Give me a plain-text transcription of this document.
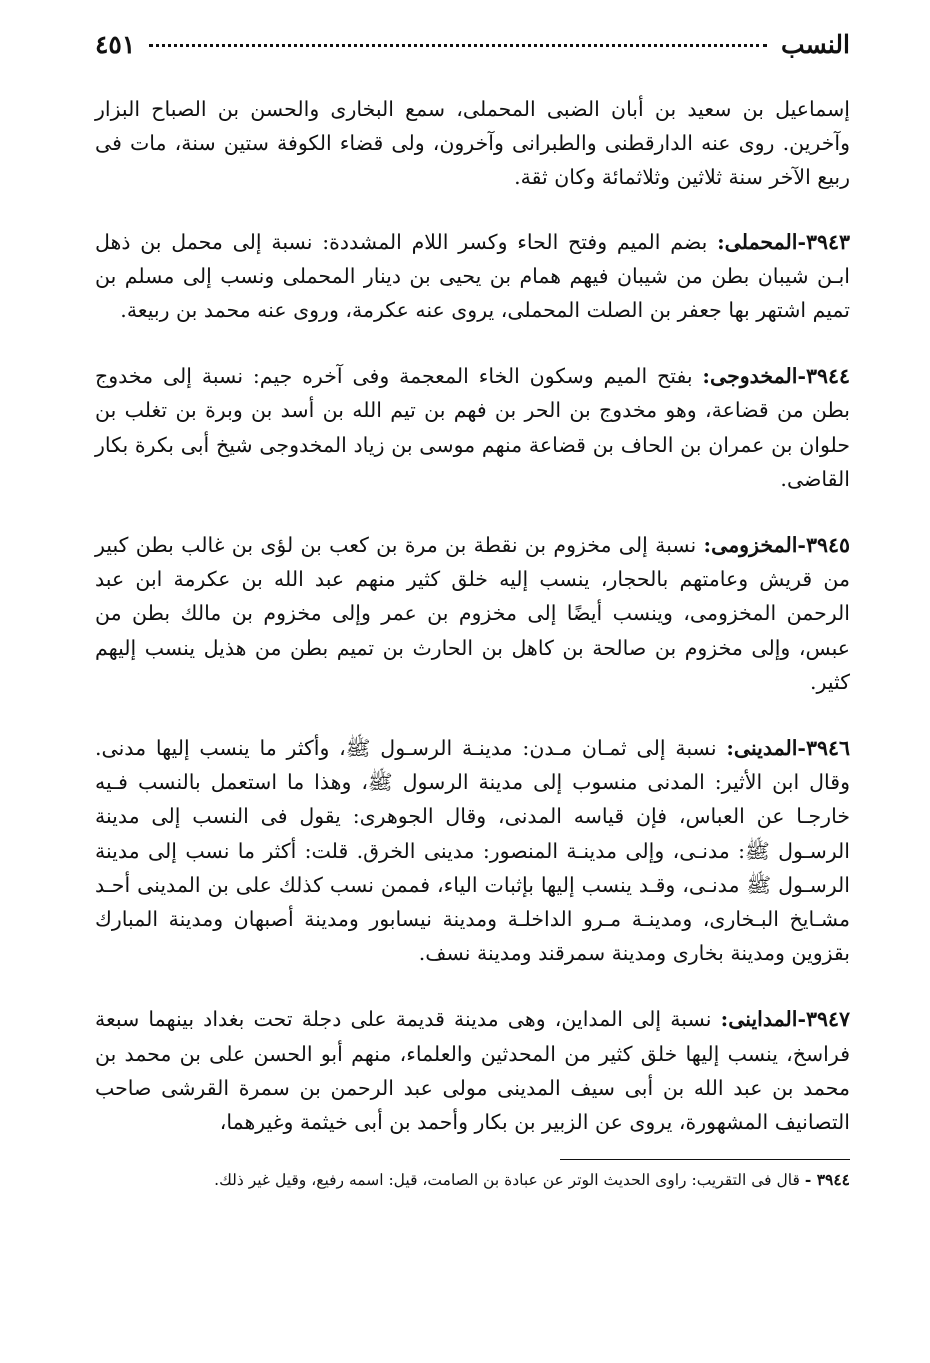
النسب
٤٥١

إسماعيل بن سعيد بن أبان الضبى المحملى، سمع البخارى والحسن بن الصباح البزار وآخرين. روى عنه الدارقطنى والطبرانى وآخرون، ولى قضاء الكوفة ستين سنة، مات فى ربيع الآخر سنة ثلاثين وثلاثمائة وكان ثقة.

٣٩٤٣-المحملى: بضم الميم وفتح الحاء وكسر اللام المشددة: نسبة إلى محمل بن ذهل ابـن شيبان بطن من شيبان فيهم همام بن يحيى بن دينار المحملى ونسب إلى مسلم بن تميم اشتهر بها جعفر بن الصلت المحملى، يروى عنه عكرمة، وروى عنه محمد بن ربيعة.

٣٩٤٤-المخدوجى: بفتح الميم وسكون الخاء المعجمة وفى آخره جيم: نسبة إلى مخدوج بطن من قضاعة، وهو مخدوج بن الحر بن فهم بن تيم الله بن أسد بن وبرة بن تغلب بن حلوان بن عمران بن الحاف بن قضاعة منهم موسى بن زياد المخدوجى شيخ أبى بكرة بكار القاضى.

٣٩٤٥-المخزومى: نسبة إلى مخزوم بن نقطة بن مرة بن كعب بن لؤى بن غالب بطن كبير من قريش وعامتهم بالحجار، ينسب إليه خلق كثير منهم عبد الله بن عكرمة ابن عبد الرحمن المخزومى، وينسب أيضًا إلى مخزوم بن عمر وإلى مخزوم بن مالك بطن من عبس، وإلى مخزوم بن صالحة بن كاهل بن الحارث بن تميم بطن من هذيل ينسب إليهم كثير.

٣٩٤٦-المدينى: نسبة إلى ثمـان مـدن: مدينـة الرسـول ﷺ، وأكثر ما ينسب إليها مدنى. وقال ابن الأثير: المدنى منسوب إلى مدينة الرسول ﷺ، وهذا ما استعمل بالنسب فـيه خارجـا عن العباس، فإن قياسه المدنى، وقال الجوهرى: يقول فى النسب إلى مدينة الرسـول ﷺ: مدنـى، وإلى مدينـة المنصور: مدينى الخرق. قلت: أكثر ما نسب إلى مدينة الرسـول ﷺ مدنـى، وقـد ينسب إليها بإثبات الياء، فممن نسب كذلك على بن المدينى أحـد مشـايخ البـخارى، ومدينـة مـرو الداخلـة ومدينة نيسابور ومدينة أصبهان ومدينة المبارك بقزوين ومدينة بخارى ومدينة سمرقند ومدينة نسف.

٣٩٤٧-المداينى: نسبة إلى المداين، وهى مدينة قديمة على دجلة تحت بغداد بينهما سبعة فراسخ، ينسب إليها خلق كثير من المحدثين والعلماء، منهم أبو الحسن على بن محمد بن محمد بن عبد الله بن أبى سيف المدينى مولى عبد الرحمن بن سمرة القرشى صاحب التصانيف المشهورة، يروى عن الزبير بن بكار وأحمد بن أبى خيثمة وغيرهما،

٣٩٤٤ - قال فى التقريب: راوى الحديث الوتر عن عبادة بن الصامت، قيل: اسمه رفيع، وقيل غير ذلك.
